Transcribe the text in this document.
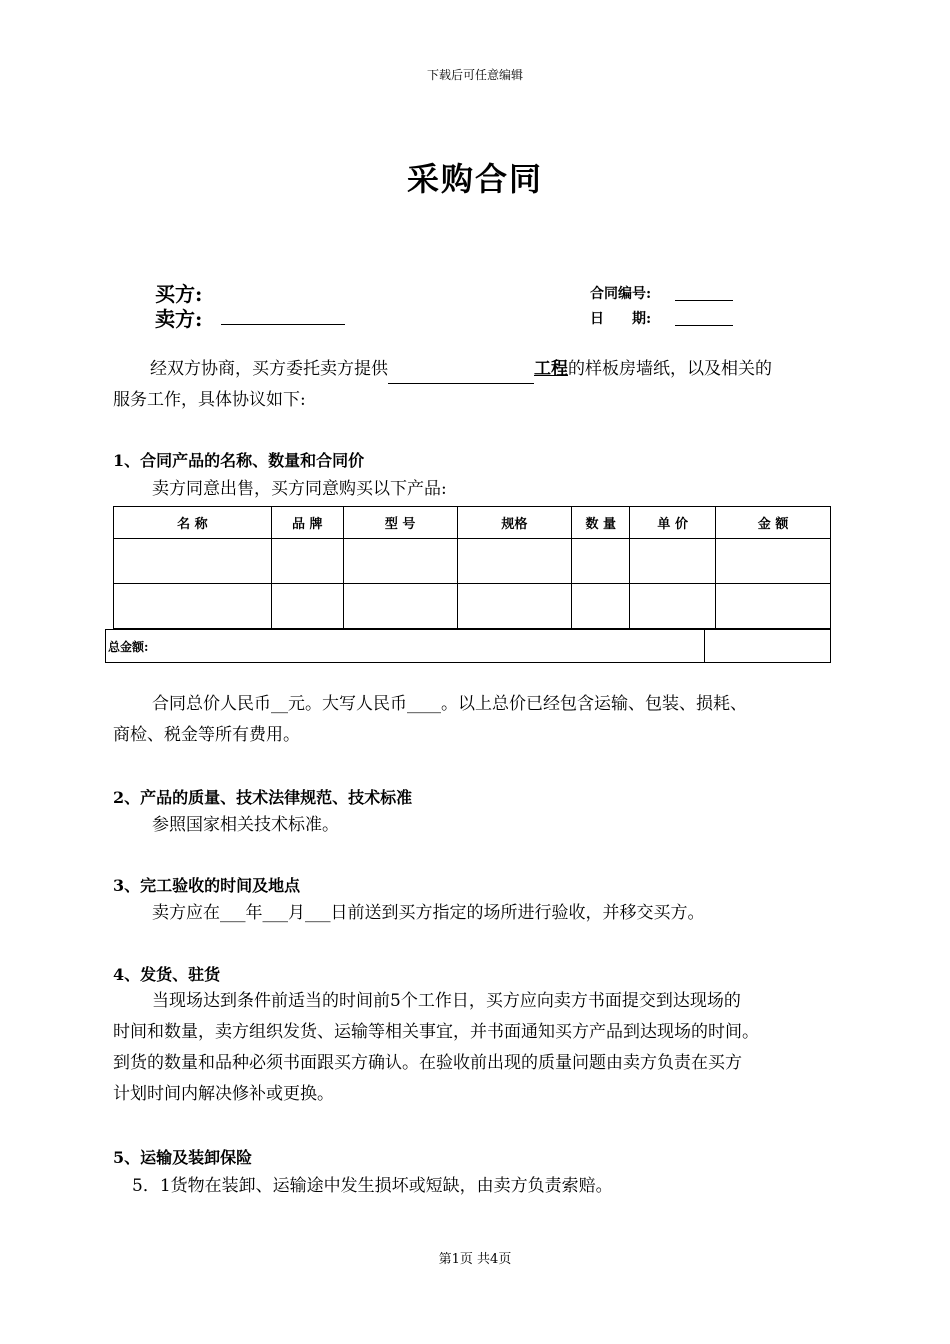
下载后可任意编辑
采购合同
买方:
卖方:
合同编号:
日　　期:
经双方协商，买方委托卖方提供	工程的样板房墙纸，以及相关的
服务工作，具体协议如下:
1、合同产品的名称、数量和合同价
卖方同意出售，买方同意购买以下产品:
名 称	品 牌	型 号	规格	数 量	单 价	金 额

总金额:	
合同总价人民币__元。大写人民币____。以上总价已经包含运输、包装、损耗、
商检、税金等所有费用。
2、产品的质量、技术法律规范、技术标准
参照国家相关技术标准。
3、完工验收的时间及地点
卖方应在___年___月___日前送到买方指定的场所进行验收，并移交买方。
4、发货、驻货
当现场达到条件前适当的时间前5个工作日，买方应向卖方书面提交到达现场的
时间和数量，卖方组织发货、运输等相关事宜，并书面通知买方产品到达现场的时间。
到货的数量和品种必须书面跟买方确认。在验收前出现的质量问题由卖方负责在买方
计划时间内解决修补或更换。
5、运输及装卸保险
5．1货物在装卸、运输途中发生损坏或短缺，由卖方负责索赔。
第1页 共4页
